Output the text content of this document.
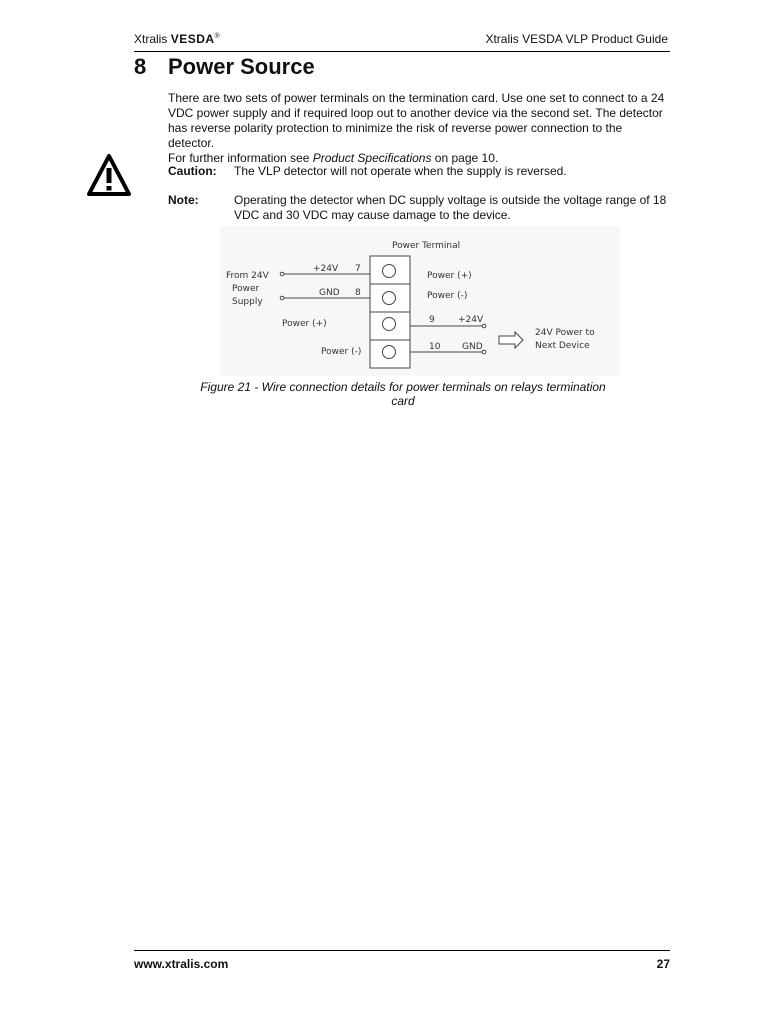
Xtralis VESDA®	Xtralis VESDA VLP Product Guide
8 Power Source
There are two sets of power terminals on the termination card. Use one set to connect to a 24
VDC power supply and if required loop out to another device via the second set. The detector
has reverse polarity protection to minimize the risk of reverse power connection to the detector.
For further information see Product Specifications on page 10.
Caution: The VLP detector will not operate when the supply is reversed.
Note:	Operating the detector when DC supply voltage is outside the voltage range of 18 VDC and 30 VDC may cause damage to the device.
Power Terminal
From 24V
Power
Supply
+24V 7
GND 8
Power (+)
Power (-)
Power (+)
Power (-)
9	+24V
10 GND
24V Power to
Next Device
Figure 21 - Wire connection details for power terminals on relays termination
card
www.xtralis.com	27
